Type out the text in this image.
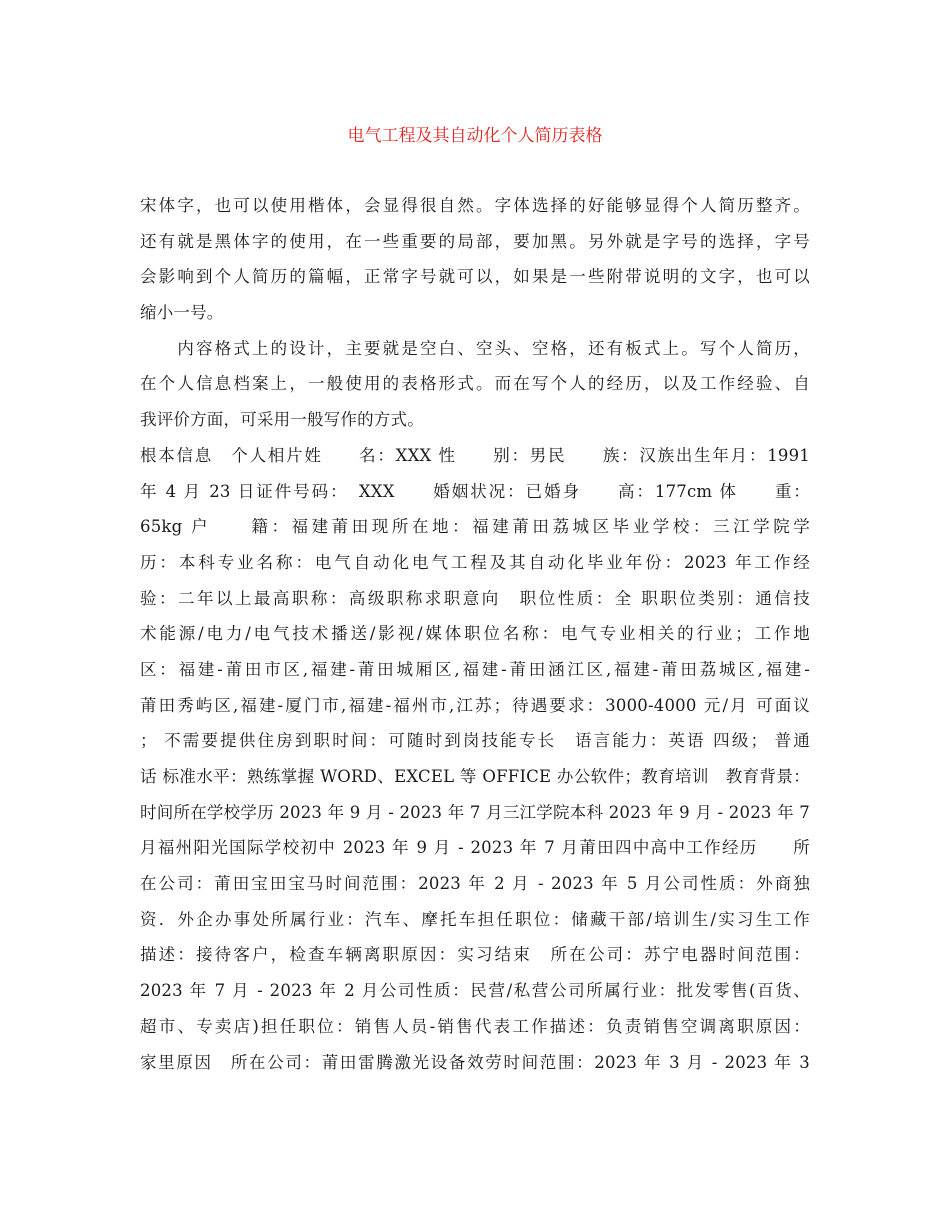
电气工程及其自动化个人简历表格
宋体字，也可以使用楷体，会显得很自然。字体选择的好能够显得个人简历整齐。
还有就是黑体字的使用，在一些重要的局部，要加黑。另外就是字号的选择，字号
会影响到个人简历的篇幅，正常字号就可以，如果是一些附带说明的文字，也可以
缩小一号。
　　内容格式上的设计，主要就是空白、空头、空格，还有板式上。写个人简历，
在个人信息档案上，一般使用的表格形式。而在写个人的经历，以及工作经验、自
我评价方面，可采用一般写作的方式。
根本信息　个人相片姓　　名：XXX 性　　别：男民　　族：汉族出生年月：1991
年 4 月 23 日证件号码：　XXX　　婚姻状况：已婚身　　高：177cm 体　　重：
65kg 户　　籍：福建莆田现所在地：福建莆田荔城区毕业学校：三江学院学
历：本科专业名称：电气自动化电气工程及其自动化毕业年份：2023 年工作经
验：二年以上最高职称：高级职称求职意向　职位性质：全 职职位类别：通信技
术能源/电力/电气技术播送/影视/媒体职位名称：电气专业相关的行业；工作地
区：福建-莆田市区,福建-莆田城厢区,福建-莆田涵江区,福建-莆田荔城区,福建-
莆田秀屿区,福建-厦门市,福建-福州市,江苏；待遇要求：3000-4000 元/月 可面议
； 不需要提供住房到职时间：可随时到岗技能专长　语言能力：英语 四级； 普通
话 标准水平：熟练掌握 WORD、EXCEL 等 OFFICE 办公软件；教育培训　教育背景：
时间所在学校学历 2023 年 9 月 - 2023 年 7 月三江学院本科 2023 年 9 月 - 2023 年 7
月福州阳光国际学校初中 2023 年 9 月 - 2023 年 7 月莆田四中高中工作经历　　所
在公司：莆田宝田宝马时间范围：2023 年 2 月 - 2023 年 5 月公司性质：外商独
资．外企办事处所属行业：汽车、摩托车担任职位：储藏干部/培训生/实习生工作
描述：接待客户，检查车辆离职原因：实习结束　所在公司：苏宁电器时间范围：
2023 年 7 月 - 2023 年 2 月公司性质：民营/私营公司所属行业：批发零售(百货、
超市、专卖店)担任职位：销售人员-销售代表工作描述：负责销售空调离职原因：
家里原因　所在公司：莆田雷腾激光设备效劳时间范围：2023 年 3 月 - 2023 年 3
